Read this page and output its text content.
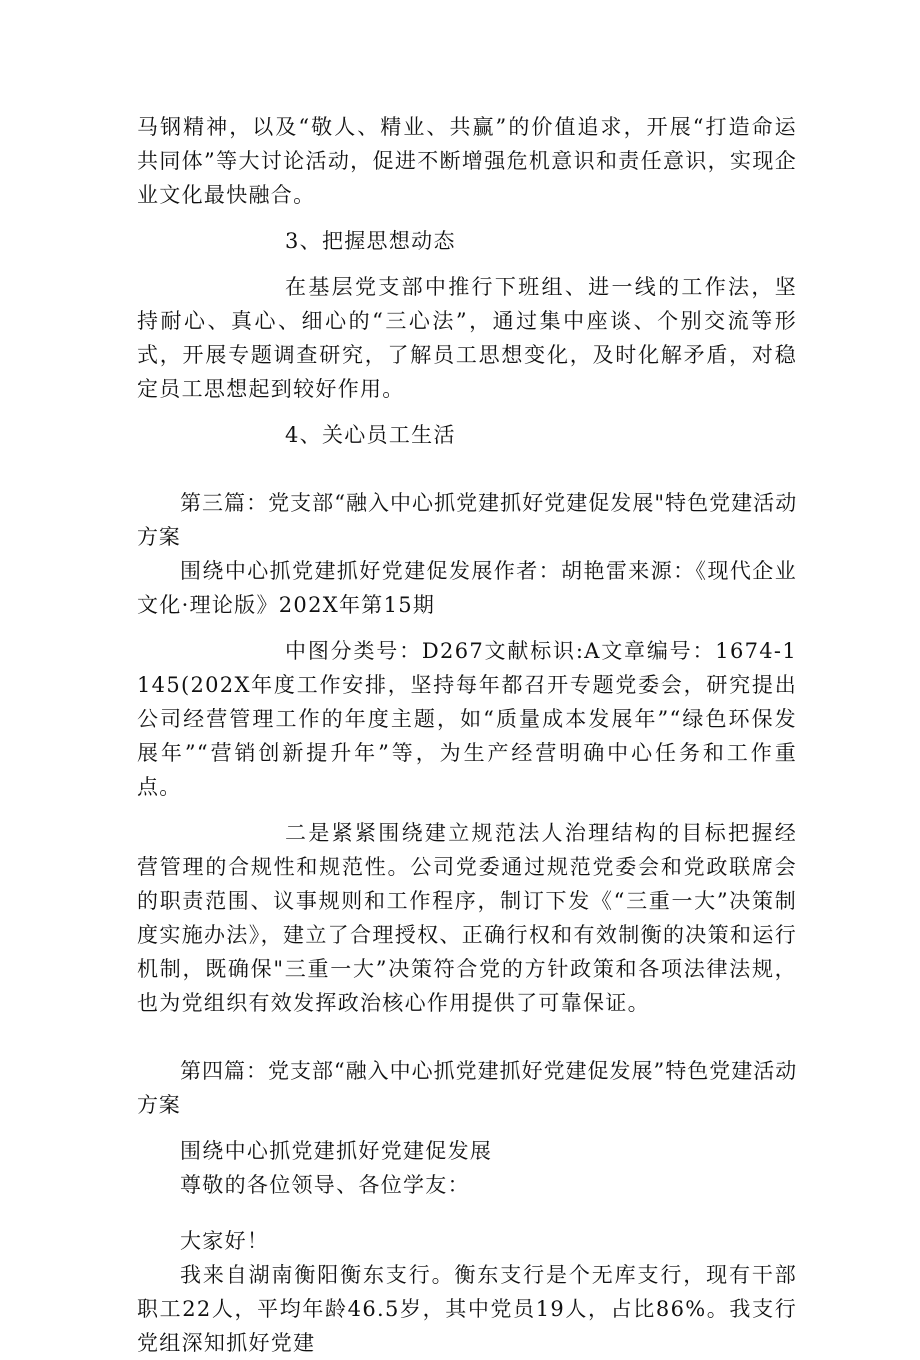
马钢精神，以及“敬人、精业、共赢”的价值追求，开展“打造命运共同体”等大讨论活动，促进不断增强危机意识和责任意识，实现企业文化最快融合。

3、把握思想动态

在基层党支部中推行下班组、进一线的工作法，坚持耐心、真心、细心的“三心法”，通过集中座谈、个别交流等形式，开展专题调查研究，了解员工思想变化，及时化解矛盾，对稳定员工思想起到较好作用。

4、关心员工生活

第三篇：党支部“融入中心抓党建抓好党建促发展"特色党建活动方案

围绕中心抓党建抓好党建促发展作者：胡艳雷来源：《现代企业文化·理论版》202X年第15期

中图分类号：D267文献标识:A文章编号：1674-1145(202X年度工作安排，坚持每年都召开专题党委会，研究提出公司经营管理工作的年度主题，如“质量成本发展年”“绿色环保发展年”“营销创新提升年”等，为生产经营明确中心任务和工作重点。

二是紧紧围绕建立规范法人治理结构的目标把握经营管理的合规性和规范性。公司党委通过规范党委会和党政联席会的职责范围、议事规则和工作程序，制订下发《“三重一大”决策制度实施办法》，建立了合理授权、正确行权和有效制衡的决策和运行机制，既确保"三重一大”决策符合党的方针政策和各项法律法规，也为党组织有效发挥政治核心作用提供了可靠保证。

第四篇：党支部“融入中心抓党建抓好党建促发展”特色党建活动方案

围绕中心抓党建抓好党建促发展

尊敬的各位领导、各位学友：

大家好！

我来自湖南衡阳衡东支行。衡东支行是个无库支行，现有干部职工22人，平均年龄46.5岁，其中党员19人，占比86%。我支行党组深知抓好党建
